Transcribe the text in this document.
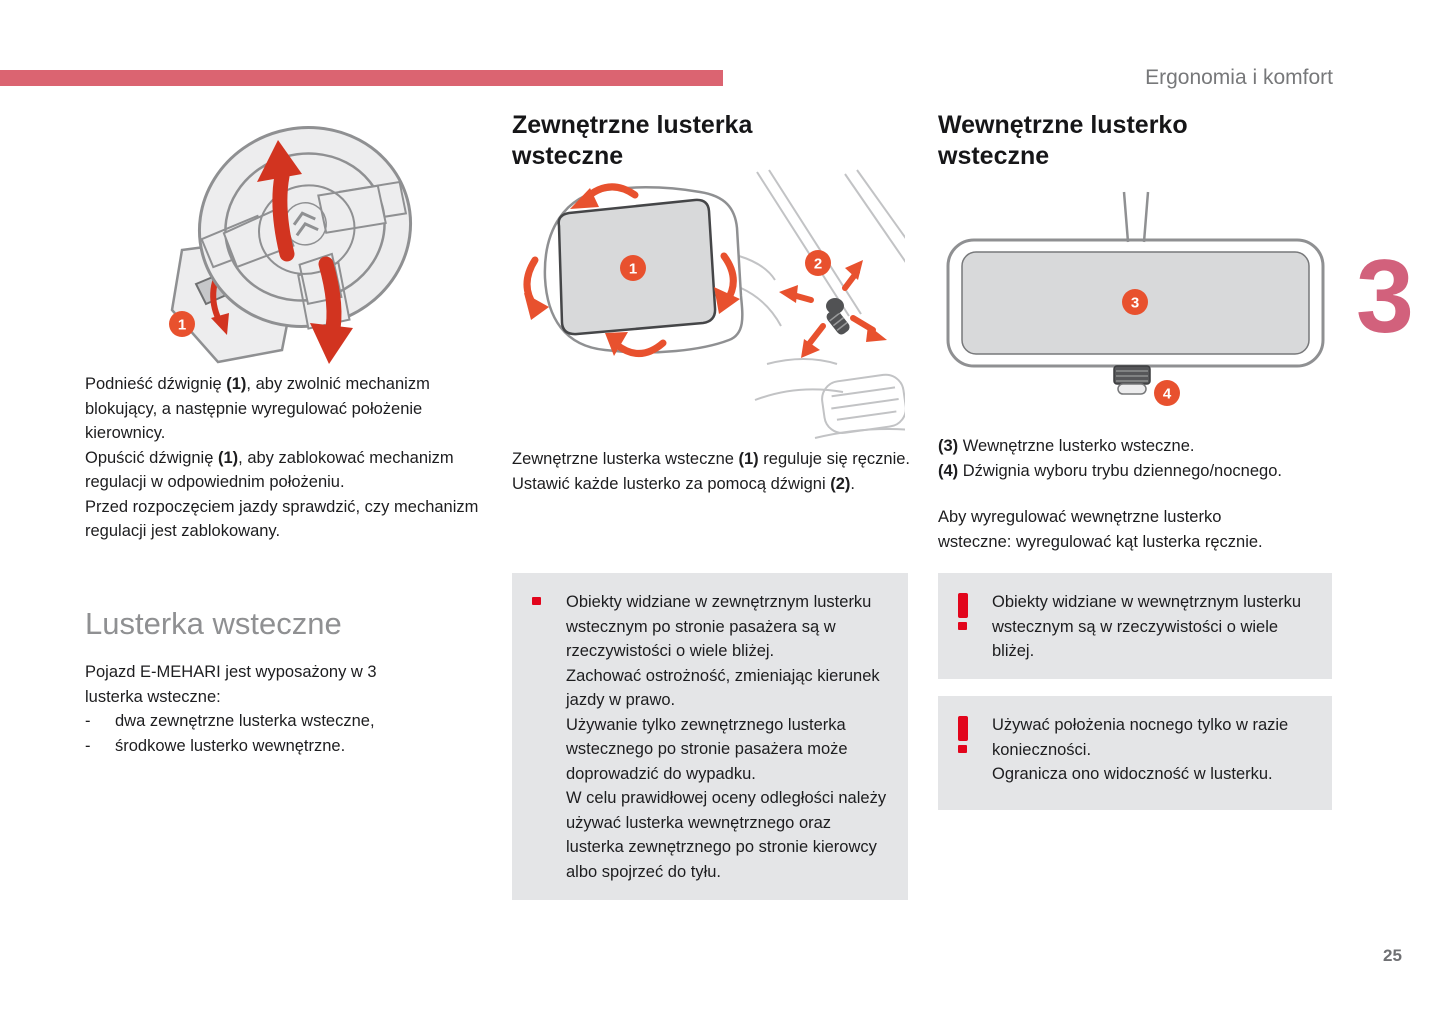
Ergonomia i komfort
3
1
Podnieść dźwignię (1), aby zwolnić mechanizm blokujący, a następnie wyregulować położenie kierownicy.
Opuścić dźwignię (1), aby zablokować mechanizm regulacji w odpowiednim położeniu.
Przed rozpoczęciem jazdy sprawdzić, czy mechanizm regulacji jest zablokowany.
Lusterka wsteczne
Pojazd E-MEHARI jest wyposażony w 3 lusterka wsteczne:
-	dwa zewnętrzne lusterka wsteczne,
-	środkowe lusterko wewnętrzne.
Zewnętrzne lusterka wsteczne
1	2
Zewnętrzne lusterka wsteczne (1) reguluje się ręcznie.
Ustawić każde lusterko za pomocą dźwigni (2).
Obiekty widziane w zewnętrznym lusterku wstecznym po stronie pasażera są w rzeczywistości o wiele bliżej.
Zachować ostrożność, zmieniając kierunek jazdy w prawo.
Używanie tylko zewnętrznego lusterka wstecznego po stronie pasażera może doprowadzić do wypadku.
W celu prawidłowej oceny odległości należy używać lusterka wewnętrznego oraz lusterka zewnętrznego po stronie kierowcy albo spojrzeć do tyłu.
Wewnętrzne lusterko wsteczne
3
4
(3) Wewnętrzne lusterko wsteczne.
(4) Dźwignia wyboru trybu dziennego/nocnego.
Aby wyregulować wewnętrzne lusterko wsteczne: wyregulować kąt lusterka ręcznie.
Obiekty widziane w wewnętrznym lusterku wstecznym są w rzeczywistości o wiele bliżej.
Używać położenia nocnego tylko w razie konieczności.
Ogranicza ono widoczność w lusterku.
25
